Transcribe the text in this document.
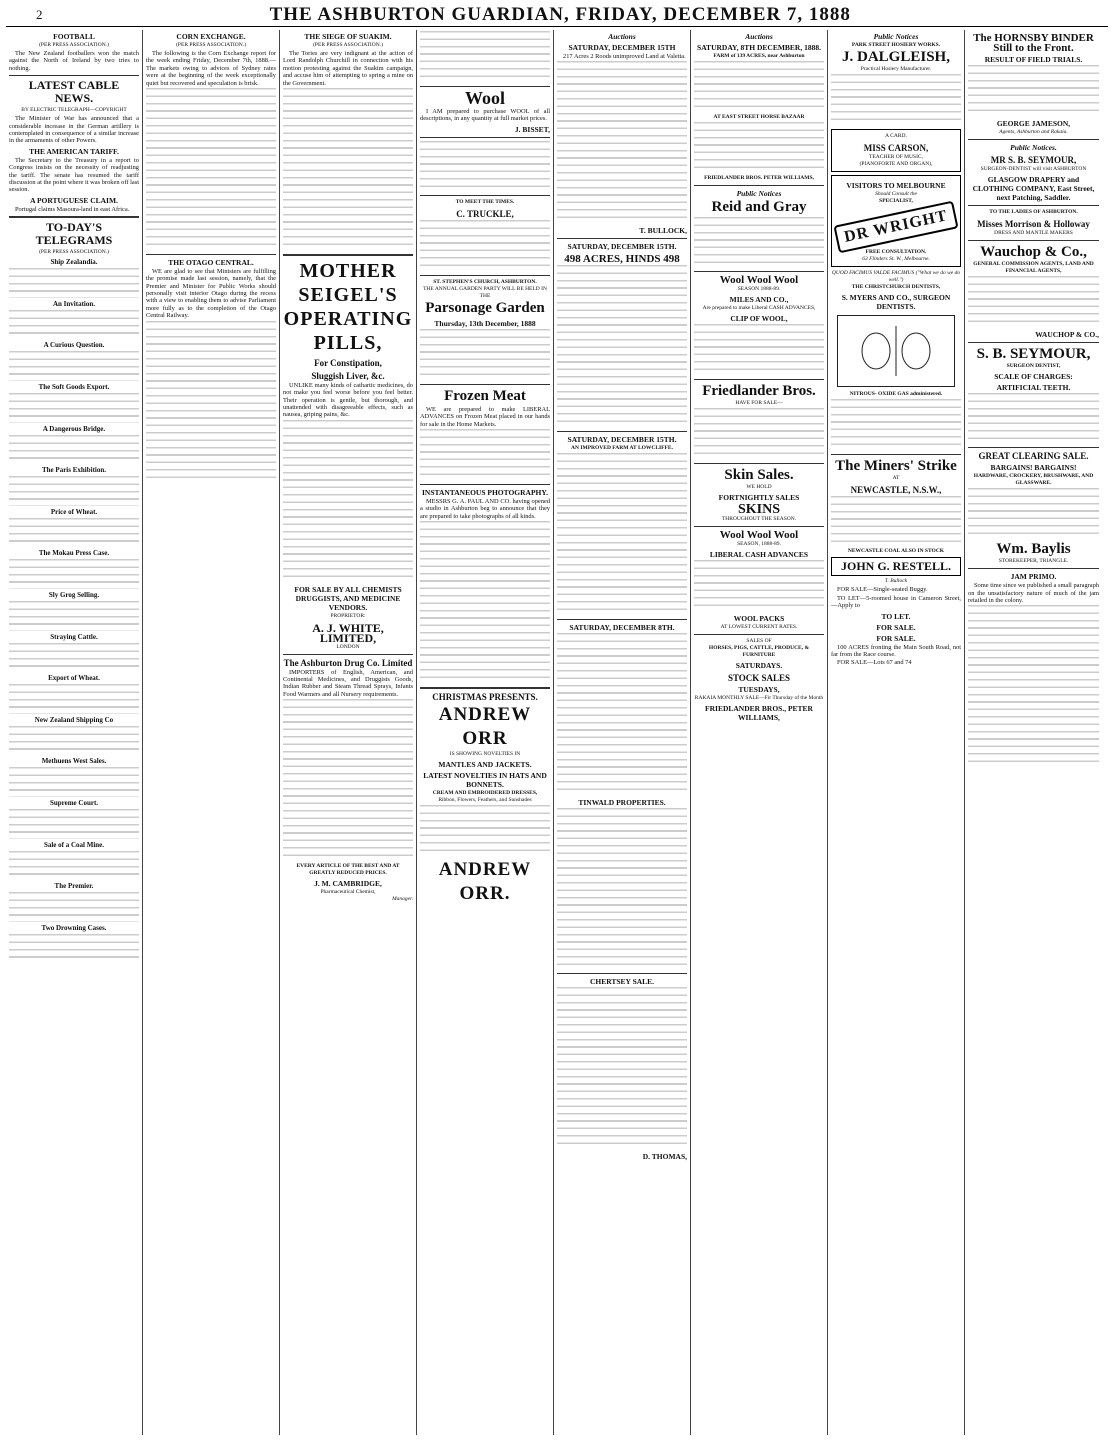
2	THE ASHBURTON GUARDIAN, FRIDAY, DECEMBER 7, 1888
FOOTBALL
(PER PRESS ASSOCIATION.)
The New Zealand footballers won the match against the North of Ireland by two tries to nothing.
LATEST CABLE NEWS.
BY ELECTRIC TELEGRAPH—COPYRIGHT
The Minister of War has announced that a considerable increase in the German artillery is contemplated in consequence of a similar increase in the armaments of other Powers.
THE AMERICAN TARIFF.
The Secretary to the Treasury in a report to Congress insists on the necessity of readjusting the tariff. The senate has resumed the tariff discussion at the point where it was broken off last session.
A PORTUGUESE CLAIM.
Portugal claims Masoura-land in east Africa.
TO-DAY'S TELEGRAMS
(PER PRESS ASSOCIATION.)
Ship Zealandia.
An Invitation.
A Curious Question.
The Soft Goods Export.
A Dangerous Bridge.
The Paris Exhibition.
Price of Wheat.
The Mokau Press Case.
Sly Grog Selling.
Straying Cattle.
Export of Wheat.
New Zealand Shipping Co
Methuens West Sales.
Supreme Court.
Sale of a Coal Mine.
The Premier.
Two Drowning Cases.
CORN EXCHANGE.
(PER PRESS ASSOCIATION.)
The following is the Corn Exchange report for the week ending Friday, December 7th, 1888.—The markets owing to advices of Sydney rates were at the beginning of the week exceptionally quiet but recovered and speculation is brisk.
THE OTAGO CENTRAL.
WE are glad to see that Ministers are fulfilling the promise made last session, namely, that the Premier and Minister for Public Works should personally visit interior Otago during the recess with a view to enabling them to advise Parliament more fully as to the completion of the Otago Central Railway.
THE SIEGE OF SUAKIM.
(PER PRESS ASSOCIATION.)
The Tories are very indignant at the action of Lord Randolph Churchill in connection with his motion protesting against the Suakim campaign, and accuse him of attempting to spring a mine on the Government.
MOTHER
SEIGEL'S
OPERATING
PILLS,
For Constipation,
Sluggish Liver, &c.
UNLIKE many kinds of cathartic medicines, do not make you feel worse before you feel better. Their operation is gentle, but thorough, and unattended with disagreeable effects, such as nausea, griping pains, &c.
FOR SALE BY ALL CHEMISTS DRUGGISTS, AND MEDICINE VENDORS.
PROPRIETOR:
A. J. WHITE, LIMITED,
LONDON
The Ashburton Drug Co. Limited
IMPORTERS of English, American, and Continental Medicines, and Druggists Goods, Indian Rubber and Steam Thread Sprays, Infants Food Warmers and all Nursery requirements.
EVERY ARTICLE OF THE BEST AND AT GREATLY REDUCED PRICES.
J. M. CAMBRIDGE,
Pharmaceutical Chemist,
Manager.
Wool
I AM prepared to purchase WOOL of all descriptions, in any quantity at full market prices.
J. BISSET,
TO MEET THE TIMES.
C. TRUCKLE,
ST. STEPHEN'S CHURCH, ASHBURTON.
THE ANNUAL GARDEN PARTY WILL BE HELD IN THE
Parsonage Garden
Thursday, 13th December, 1888
Frozen Meat
WE are prepared to make LIBERAL ADVANCES on Frozen Meat placed in our hands for sale in the Home Markets.
INSTANTANEOUS PHOTOGRAPHY.
MESSRS G. A. PAUL AND CO. having opened a studio in Ashburton beg to announce that they are prepared to take photographs of all kinds.
CHRISTMAS PRESENTS.
ANDREW ORR
IS SHOWING NOVELTIES IN
MANTLES AND JACKETS.
LATEST NOVELTIES IN HATS AND BONNETS.
CREAM AND EMBROIDERED DRESSES,
Ribbon, Flowers, Feathers, and Sunshades
ANDREW ORR.
Auctions
SATURDAY, DECEMBER 15TH
217 Acres 2 Roods unimproved Land at Valetta.
T. BULLOCK,
SATURDAY, DECEMBER 15TH.
498 ACRES, HINDS 498
SATURDAY, DECEMBER 15TH.
AN IMPROVED FARM AT LOWCLIFFE.
SATURDAY, DECEMBER 8TH.
TINWALD PROPERTIES.
CHERTSEY SALE.
D. THOMAS,
Auctions
SATURDAY, 8TH DECEMBER, 1888.
FARM of 139 ACRES, near Ashburton
AT EAST STREET HORSE BAZAAR
FRIEDLANDER BROS. PETER WILLIAMS,
Public Notices
Reid and Gray
Wool Wool Wool
SEASON 1888-89.
MILES AND CO.,
Are prepared to make Liberal CASH ADVANCES,
CLIP OF WOOL,
Friedlander Bros.
HAVE FOR SALE—
Skin Sales.
WE HOLD
FORTNIGHTLY SALES
SKINS
THROUGHOUT THE SEASON.
Wool Wool Wool
SEASON, 1888-89.
LIBERAL CASH ADVANCES
WOOL PACKS
AT LOWEST CURRENT RATES.
SALES OF
HORSES, PIGS, CATTLE, PRODUCE, & FURNITURE
SATURDAYS.
STOCK SALES
TUESDAYS,
RAKAIA MONTHLY SALE—Fir Thursday of the Month
FRIEDLANDER BROS., PETER WILLIAMS,
Public Notices
PARK STREET HOSIERY WORKS.
J. DALGLEISH,
Practical Hosiery Manufacturer.
A CARD.
MISS CARSON,
TEACHER OF MUSIC,
(PIANOFORTE AND ORGAN),
VISITORS TO MELBOURNE
Should Consult the
SPECIALIST,
DR WRIGHT
FREE CONSULTATION.
63 Flinders St. W., Melbourne.
QUOD FACIMUS VALDE FACIMUS ("What we do we do well.")
THE CHRISTCHURCH DENTISTS,
S. MYERS AND CO., SURGEON DENTISTS.
NITROUS- OXIDE GAS administered.
The Miners' Strike
AT
NEWCASTLE, N.S.W.,
NEWCASTLE COAL ALSO IN STOCK
JOHN G. RESTELL.
T. Bullock
FOR SALE—Single-seated Buggy.
TO LET—5-roomed house in Cameron Street,—Apply to
TO LET.
FOR SALE.
FOR SALE.
100 ACRES fronting the Main South Road, not far from the Race course.
FOR SALE—Lots 67 and 74
The HORNSBY BINDER Still to the Front.
RESULT OF FIELD TRIALS.
GEORGE JAMESON,
Agents, Ashburton and Rakaia.
Public Notices.
MR S. B. SEYMOUR,
SURGEON-DENTIST will visit ASHBURTON
GLASGOW DRAPERY and CLOTHING COMPANY, East Street, next Patching, Saddler.
TO THE LADIES OF ASHBURTON.
Misses Morrison & Holloway
DRESS AND MANTLE MAKERS
Wauchop & Co.,
GENERAL COMMISSION AGENTS, LAND AND FINANCIAL AGENTS,
WAUCHOP & CO.,
S. B. SEYMOUR,
SURGEON DENTIST,
SCALE OF CHARGES:
ARTIFICIAL TEETH.
GREAT CLEARING SALE.
BARGAINS! BARGAINS!
HARDWARE, CROCKERY, BRUSHWARE, AND GLASSWARE.
Wm. Baylis
STOREKEEPER, TRIANGLE.
JAM PRIMO.
Some time since we published a small paragraph on the unsatisfactory nature of much of the jam retailed in the colony.
